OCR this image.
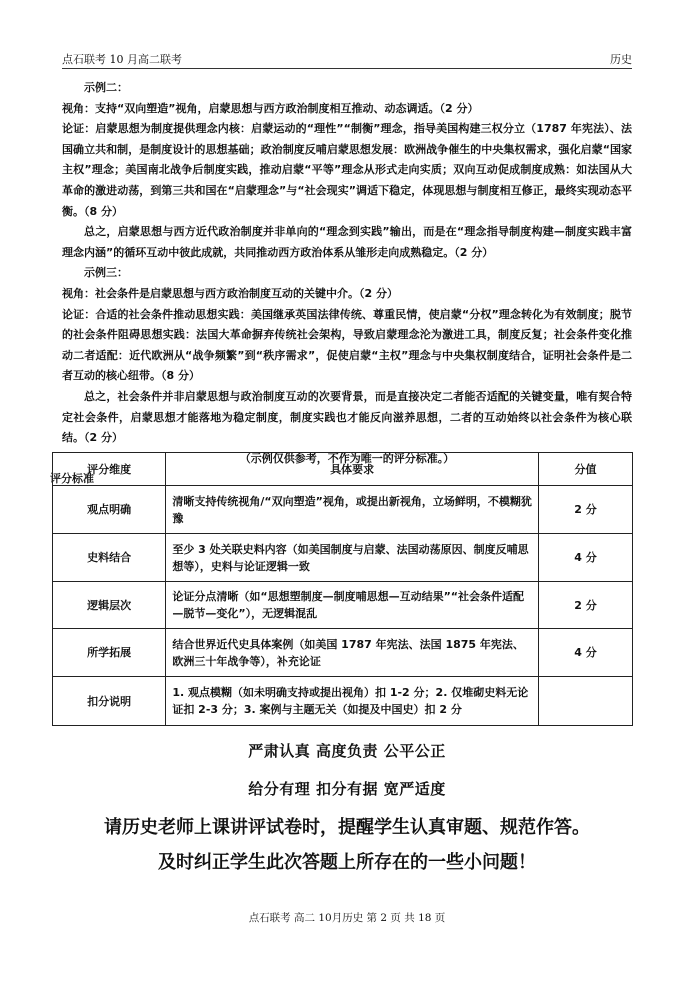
点石联考 10 月高二联考	历史

示例二：

视角：支持“双向塑造”视角，启蒙思想与西方政治制度相互推动、动态调适。（2 分）

论证：启蒙思想为制度提供理念内核：启蒙运动的“理性”“制衡”理念，指导美国构建三权分立（1787 年宪法）、法国确立共和制，是制度设计的思想基础；政治制度反哺启蒙思想发展：欧洲战争催生的中央集权需求，强化启蒙“国家主权”理念；美国南北战争后制度实践，推动启蒙“平等”理念从形式走向实质；双向互动促成制度成熟：如法国从大革命的激进动荡，到第三共和国在“启蒙理念”与“社会现实”调适下稳定，体现思想与制度相互修正，最终实现动态平衡。（8 分）

总之，启蒙思想与西方近代政治制度并非单向的“理念到实践”输出，而是在“理念指导制度构建—制度实践丰富理念内涵”的循环互动中彼此成就，共同推动西方政治体系从雏形走向成熟稳定。（2 分）

示例三：

视角：社会条件是启蒙思想与西方政治制度互动的关键中介。（2 分）

论证：合适的社会条件推动思想实践：美国继承英国法律传统、尊重民情，使启蒙“分权”理念转化为有效制度；脱节的社会条件阻碍思想实践：法国大革命摒弃传统社会架构，导致启蒙理念沦为激进工具，制度反复；社会条件变化推动二者适配：近代欧洲从“战争频繁”到“秩序需求”，促使启蒙“主权”理念与中央集权制度结合，证明社会条件是二者互动的核心纽带。（8 分）

总之，社会条件并非启蒙思想与政治制度互动的次要背景，而是直接决定二者能否适配的关键变量，唯有契合特定社会条件，启蒙思想才能落地为稳定制度，制度实践也才能反向滋养思想，二者的互动始终以社会条件为核心联结。（2 分）

（示例仅供参考，不作为唯一的评分标准。）

评分标准

评分维度	具体要求	分值
观点明确	清晰支持传统视角/“双向塑造”视角，或提出新视角，立场鲜明，不模糊犹豫	2 分
史料结合	至少 3 处关联史料内容（如美国制度与启蒙、法国动荡原因、制度反哺思想等），史料与论证逻辑一致	4 分
逻辑层次	论证分点清晰（如“思想塑制度—制度哺思想—互动结果”“社会条件适配—脱节—变化”），无逻辑混乱	2 分
所学拓展	结合世界近代史具体案例（如美国 1787 年宪法、法国 1875 年宪法、欧洲三十年战争等），补充论证	4 分
扣分说明	1. 观点模糊（如未明确支持或提出视角）扣 1-2 分；2. 仅堆砌史料无论证扣 2-3 分；3. 案例与主题无关（如提及中国史）扣 2 分	
严肃认真 高度负责 公平公正
给分有理 扣分有据 宽严适度
请历史老师上课讲评试卷时，提醒学生认真审题、规范作答。
及时纠正学生此次答题上所存在的一些小问题！
点石联考 高二 10月历史 第 2 页 共 18 页
